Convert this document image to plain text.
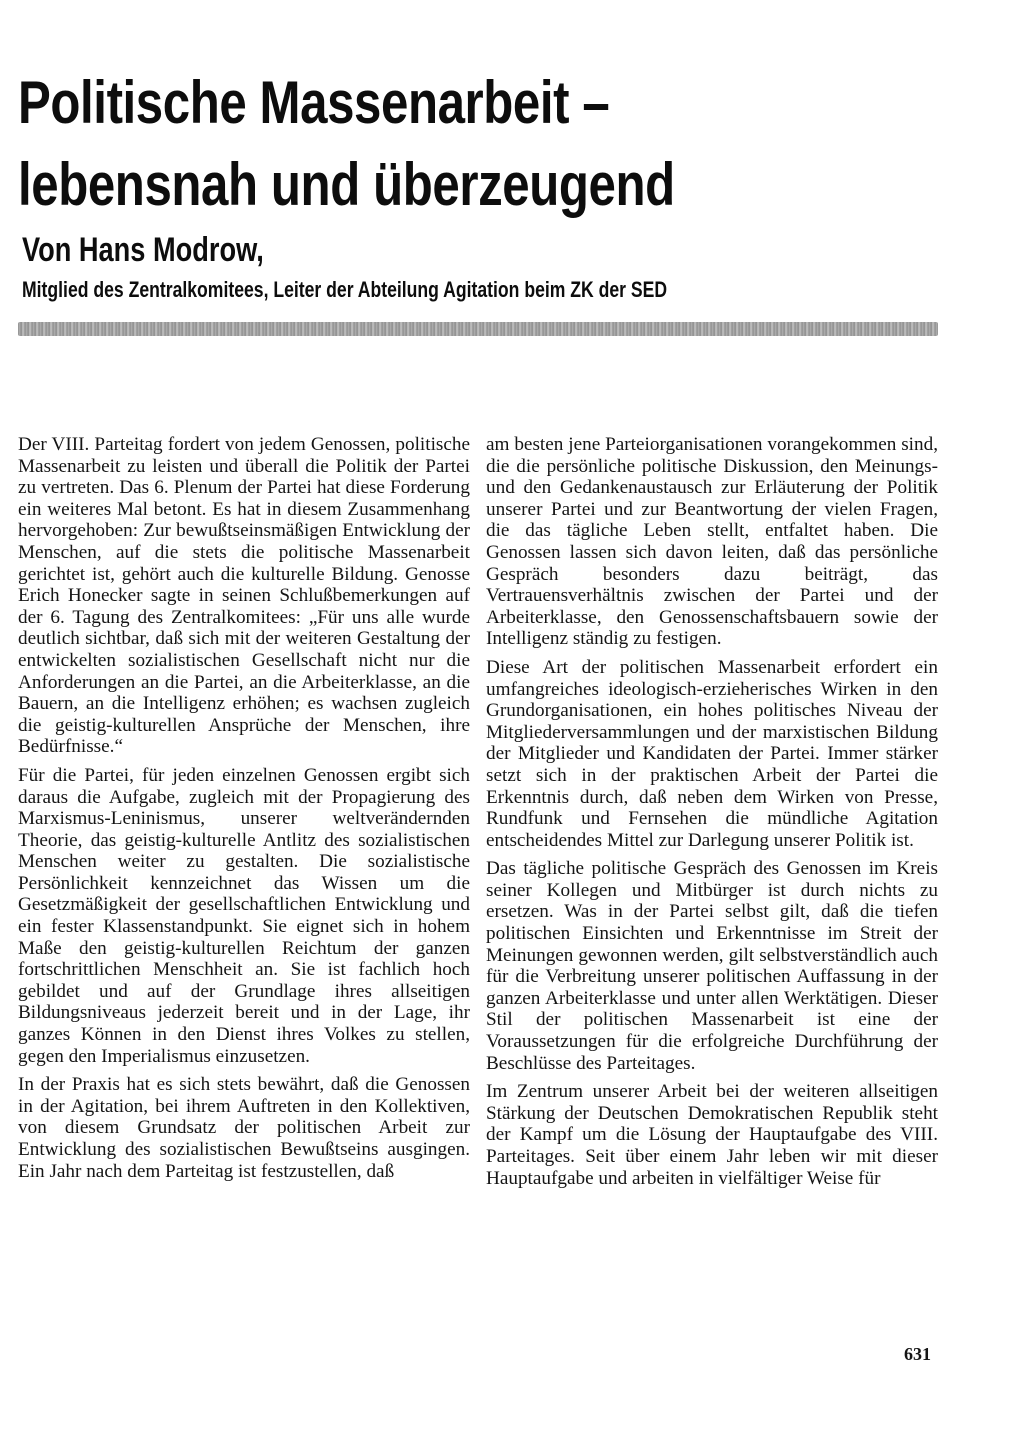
Politische Massenarbeit –
lebensnah und überzeugend
Von Hans Modrow,
Mitglied des Zentralkomitees, Leiter der Abteilung Agitation beim ZK der SED

Der VIII. Parteitag fordert von jedem Genossen, politische Massenarbeit zu leisten und überall die Politik der Partei zu vertreten. Das 6. Plenum der Partei hat diese Forderung ein weiteres Mal betont. Es hat in diesem Zusammenhang hervorgehoben: Zur bewußtseinsmäßigen Entwicklung der Menschen, auf die stets die politische Massenarbeit gerichtet ist, gehört auch die kulturelle Bildung. Genosse Erich Honecker sagte in seinen Schlußbemerkungen auf der 6. Tagung des Zentralkomitees: „Für uns alle wurde deutlich sichtbar, daß sich mit der weiteren Gestaltung der entwickelten sozialistischen Gesellschaft nicht nur die Anforderungen an die Partei, an die Arbeiterklasse, an die Bauern, an die Intelligenz erhöhen; es wachsen zugleich die geistig-kulturellen Ansprüche der Menschen, ihre Bedürfnisse.“

Für die Partei, für jeden einzelnen Genossen ergibt sich daraus die Aufgabe, zugleich mit der Propagierung des Marxismus-Leninismus, unserer weltverändernden Theorie, das geistig-kulturelle Antlitz des sozialistischen Menschen weiter zu gestalten. Die sozialistische Persönlichkeit kennzeichnet das Wissen um die Gesetzmäßigkeit der gesellschaftlichen Entwicklung und ein fester Klassenstandpunkt. Sie eignet sich in hohem Maße den geistig-kulturellen Reichtum der ganzen fortschrittlichen Menschheit an. Sie ist fachlich hoch gebildet und auf der Grundlage ihres allseitigen Bildungsniveaus jederzeit bereit und in der Lage, ihr ganzes Können in den Dienst ihres Volkes zu stellen, gegen den Imperialismus einzusetzen.

In der Praxis hat es sich stets bewährt, daß die Genossen in der Agitation, bei ihrem Auftreten in den Kollektiven, von diesem Grundsatz der politischen Arbeit zur Entwicklung des sozialistischen Bewußtseins ausgingen. Ein Jahr nach dem Parteitag ist festzustellen, daß

am besten jene Parteiorganisationen vorangekommen sind, die die persönliche politische Diskussion, den Meinungs- und den Gedankenaustausch zur Erläuterung der Politik unserer Partei und zur Beantwortung der vielen Fragen, die das tägliche Leben stellt, entfaltet haben. Die Genossen lassen sich davon leiten, daß das persönliche Gespräch besonders dazu beiträgt, das Vertrauensverhältnis zwischen der Partei und der Arbeiterklasse, den Genossenschaftsbauern sowie der Intelligenz ständig zu festigen.

Diese Art der politischen Massenarbeit erfordert ein umfangreiches ideologisch-erzieherisches Wirken in den Grundorganisationen, ein hohes politisches Niveau der Mitgliederversammlungen und der marxistischen Bildung der Mitglieder und Kandidaten der Partei. Immer stärker setzt sich in der praktischen Arbeit der Partei die Erkenntnis durch, daß neben dem Wirken von Presse, Rundfunk und Fernsehen die mündliche Agitation entscheidendes Mittel zur Darlegung unserer Politik ist.

Das tägliche politische Gespräch des Genossen im Kreis seiner Kollegen und Mitbürger ist durch nichts zu ersetzen. Was in der Partei selbst gilt, daß die tiefen politischen Einsichten und Erkenntnisse im Streit der Meinungen gewonnen werden, gilt selbstverständlich auch für die Verbreitung unserer politischen Auffassung in der ganzen Arbeiterklasse und unter allen Werktätigen. Dieser Stil der politischen Massenarbeit ist eine der Voraussetzungen für die erfolgreiche Durchführung der Beschlüsse des Parteitages.

Im Zentrum unserer Arbeit bei der weiteren allseitigen Stärkung der Deutschen Demokratischen Republik steht der Kampf um die Lösung der Hauptaufgabe des VIII. Parteitages. Seit über einem Jahr leben wir mit dieser Hauptaufgabe und arbeiten in vielfältiger Weise für

631
